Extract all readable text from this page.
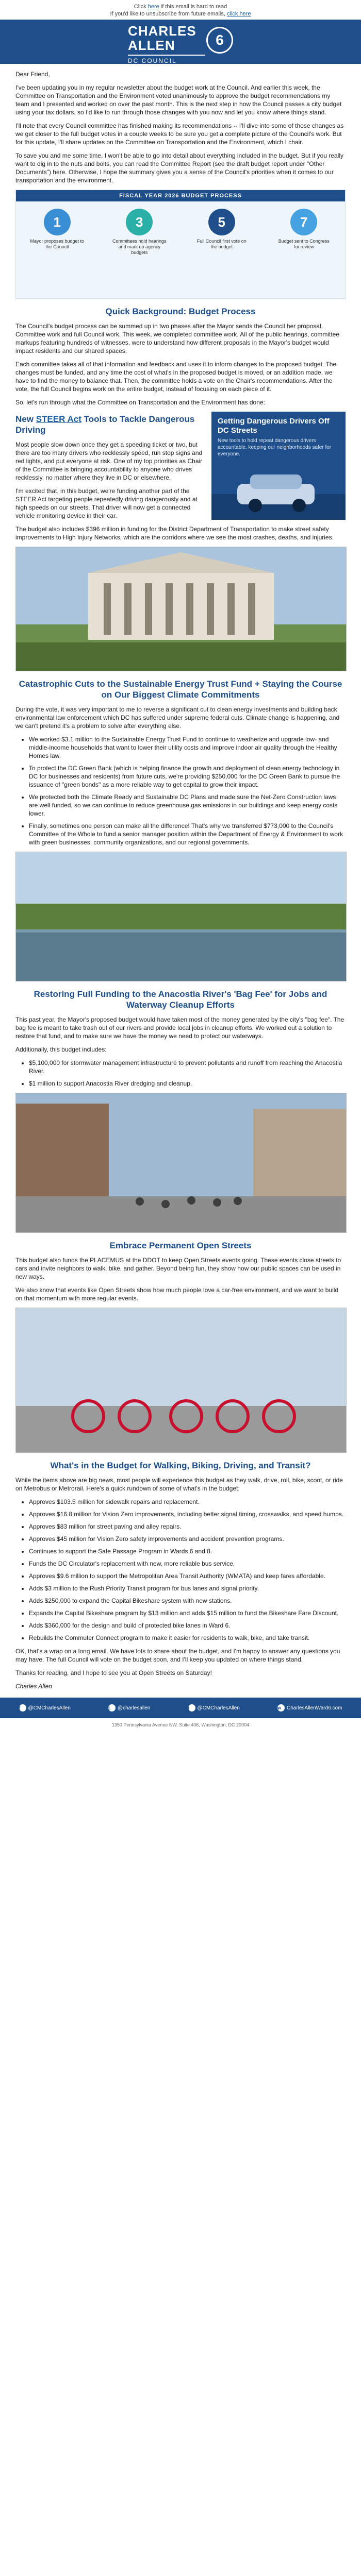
Click here if this email is hard to read
If you'd like to unsubscribe from future emails, click here
CHARLES
ALLEN
DC COUNCIL
6

Dear Friend,

I've been updating you in my regular newsletter about the budget work at the Council. And earlier this week, the Committee on Transportation and the Environment voted unanimously to approve the budget recommendations my team and I presented and worked on over the past month. This is the next step in how the Council passes a city budget using your tax dollars, so I'd like to run through those changes with you now and let you know where things stand.

I'll note that every Council committee has finished making its recommendations -- I'll dive into some of those changes as we get closer to the full budget votes in a couple weeks to be sure you get a complete picture of the Council's work. But for this update, I'll share updates on the Committee on Transportation and the Environment, which I chair.

To save you and me some time, I won't be able to go into detail about everything included in the budget. But if you really want to dig in to the nuts and bolts, you can read the Committee Report (see the draft budget report under "Other Documents") here. Otherwise, I hope the summary gives you a sense of the Council's priorities when it comes to our transportation and the environment.

FISCAL YEAR 2026 BUDGET PROCESS
1
Mayor proposes budget to the Council
3
Committees hold hearings and mark up agency budgets
5
Full Council first vote on the budget
7
Budget sent to Congress for review
Quick Background: Budget Process

The Council's budget process can be summed up in two phases after the Mayor sends the Council her proposal. Committee work and full Council work. This week, we completed committee work. All of the public hearings, committee markups featuring hundreds of witnesses, were to understand how different proposals in the Mayor's budget would impact residents and our shared spaces.

Each committee takes all of that information and feedback and uses it to inform changes to the proposed budget. The changes must be funded, and any time the cost of what's in the proposed budget is moved, or an addition made, we have to find the money to balance that. Then, the committee holds a vote on the Chair's recommendations. After the vote, the full Council begins work on the entire budget, instead of focusing on each piece of it.

So, let's run through what the Committee on Transportation and the Environment has done:

Getting Dangerous Drivers Off DC Streets
New tools to hold repeat dangerous drivers accountable, keeping our neighborhoods safer for everyone.
New STEER Act Tools to Tackle Dangerous Driving

Most people slow down once they get a speeding ticket or two, but there are too many drivers who recklessly speed, run stop signs and red lights, and put everyone at risk. One of my top priorities as Chair of the Committee is bringing accountability to anyone who drives recklessly, no matter where they live in DC or elsewhere.

I'm excited that, in this budget, we're funding another part of the STEER Act targeting people repeatedly driving dangerously and at high speeds on our streets. That driver will now get a connected vehicle monitoring device in their car.

The budget also includes $396 million in funding for the District Department of Transportation to make street safety improvements to High Injury Networks, which are the corridors where we see the most crashes, deaths, and injuries.

Catastrophic Cuts to the Sustainable Energy Trust Fund + Staying the Course on Our Biggest Climate Commitments

During the vote, it was very important to me to reverse a significant cut to clean energy investments and building back environmental law enforcement which DC has suffered under supreme federal cuts. Climate change is happening, and we can't pretend it's a problem to solve after everything else.

• We worked $3.1 million to the Sustainable Energy Trust Fund to continue to weatherize and upgrade low- and middle-income households that want to lower their utility costs and improve indoor air quality through the Healthy Homes law.
• To protect the DC Green Bank (which is helping finance the growth and deployment of clean energy technology in DC for businesses and residents) from future cuts, we're providing $250,000 for the DC Green Bank to pursue the issuance of "green bonds" as a more reliable way to get capital to grow their impact.
• We protected both the Climate Ready and Sustainable DC Plans and made sure the Net-Zero Construction laws are well funded, so we can continue to reduce greenhouse gas emissions in our buildings and keep energy costs lower.
• Finally, sometimes one person can make all the difference! That's why we transferred $773,000 to the Council's Committee of the Whole to fund a senior manager position within the Department of Energy & Environment to work with green businesses, community organizations, and our regional governments.
Restoring Full Funding to the Anacostia River's 'Bag Fee' for Jobs and Waterway Cleanup Efforts

This past year, the Mayor's proposed budget would have taken most of the money generated by the city's "bag fee". The bag fee is meant to take trash out of our rivers and provide local jobs in cleanup efforts. We worked out a solution to restore that fund, and to make sure we have the money we need to protect our waterways.

Additionally, this budget includes:

• $5,100,000 for stormwater management infrastructure to prevent pollutants and runoff from reaching the Anacostia River.
• $1 million to support Anacostia River dredging and cleanup.
Embrace Permanent Open Streets

This budget also funds the PLACEMUS at the DDOT to keep Open Streets events going. These events close streets to cars and invite neighbors to walk, bike, and gather. Beyond being fun, they show how our public spaces can be used in new ways.

We also know that events like Open Streets show how much people love a car-free environment, and we want to build on that momentum with more regular events.

What's in the Budget for Walking, Biking, Driving, and Transit?

While the items above are big news, most people will experience this budget as they walk, drive, roll, bike, scoot, or ride on Metrobus or Metrorail. Here's a quick rundown of some of what's in the budget:

• Approves $103.5 million for sidewalk repairs and replacement.
• Approves $16.8 million for Vision Zero improvements, including better signal timing, crosswalks, and speed humps.
• Approves $83 million for street paving and alley repairs.
• Approves $45 million for Vision Zero safety improvements and accident prevention programs.
• Continues to support the Safe Passage Program in Wards 6 and 8.
• Funds the DC Circulator's replacement with new, more reliable bus service.
• Approves $9.6 million to support the Metropolitan Area Transit Authority (WMATA) and keep fares affordable.
• Adds $3 million to the Rush Priority Transit program for bus lanes and signal priority.
• Adds $250,000 to expand the Capital Bikeshare system with new stations.
• Expands the Capital Bikeshare program by $13 million and adds $15 million to fund the Bikeshare Fare Discount.
• Adds $360,000 for the design and build of protected bike lanes in Ward 6.
• Rebuilds the Commuter Connect program to make it easier for residents to walk, bike, and take transit.

OK, that's a wrap on a long email. We have lots to share about the budget, and I'm happy to answer any questions you may have. The full Council will vote on the budget soon, and I'll keep you updated on where things stand.

Thanks for reading, and I hope to see you at Open Streets on Saturday!

Charles Allen

f	@CMCharlesAllen	t	@charlesallen	i	@CMCharlesAllen	w	CharlesAllenWard6.com
1350 Pennsylvania Avenue NW, Suite 406, Washington, DC 20004
